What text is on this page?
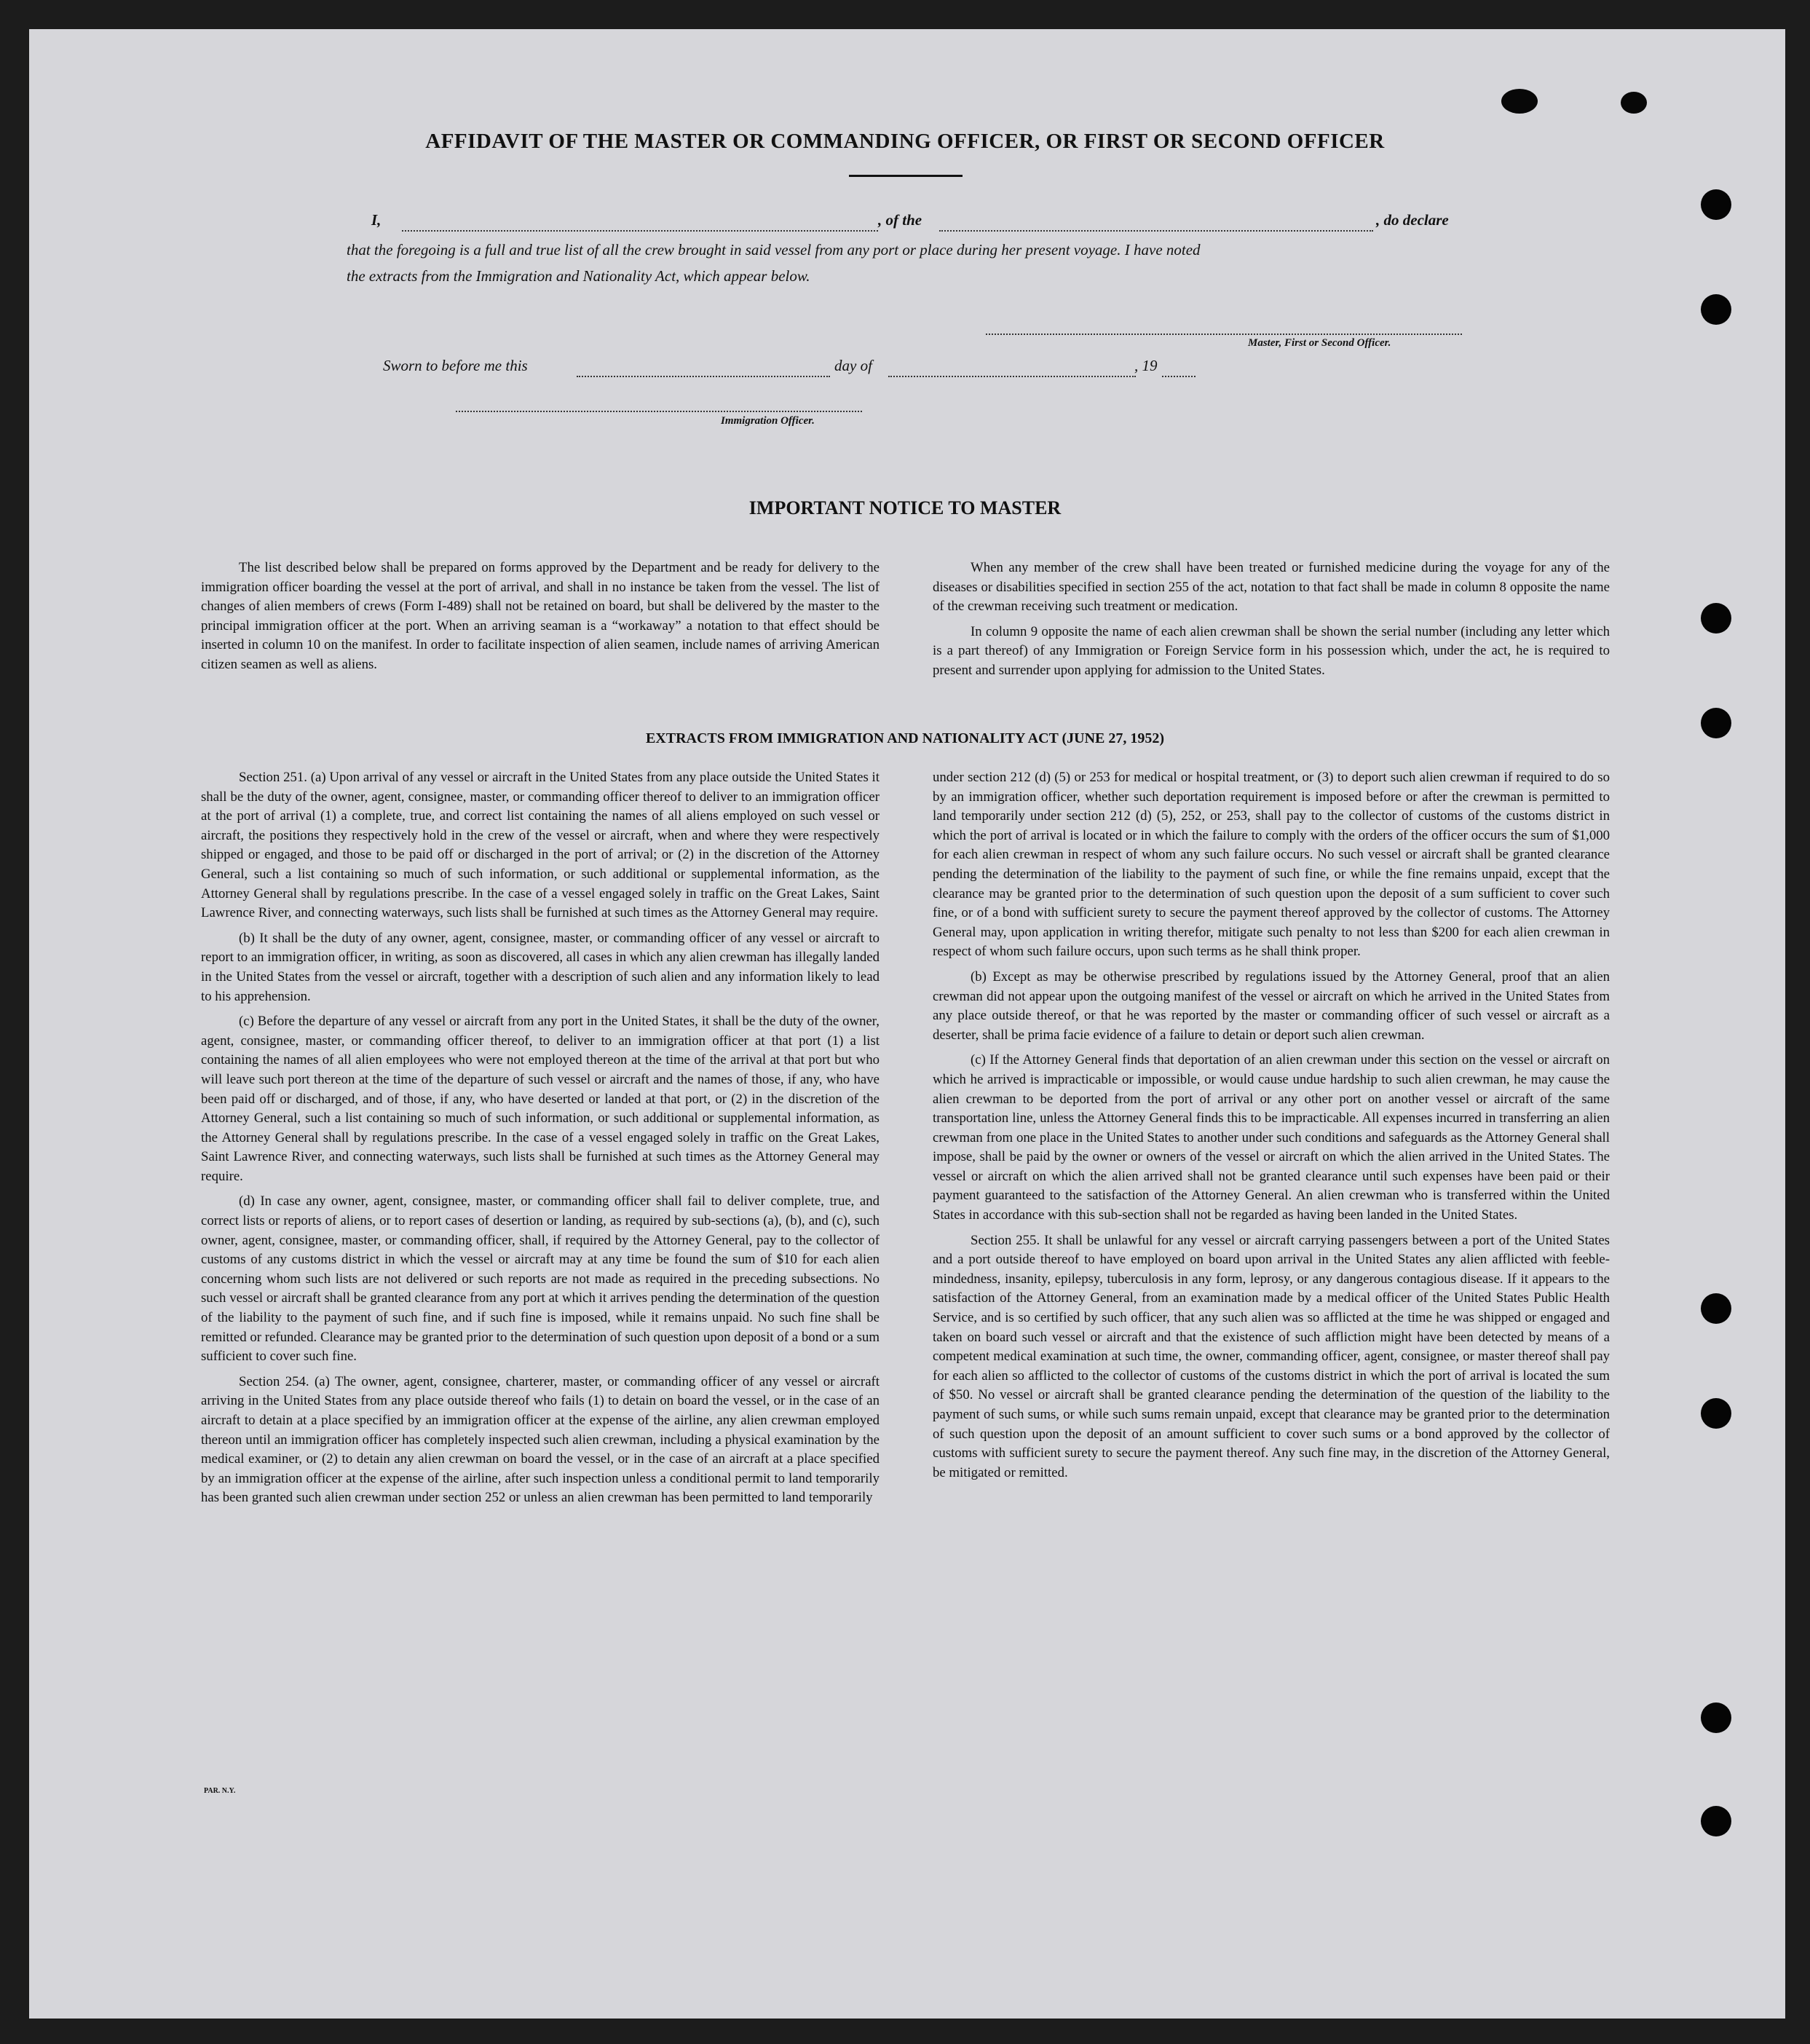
AFFIDAVIT OF THE MASTER OR COMMANDING OFFICER, OR FIRST OR SECOND OFFICER
I,	, of the	, do declare
that the foregoing is a full and true list of all the crew brought in said vessel from any port or place during her present voyage. I have noted
the extracts from the Immigration and Nationality Act, which appear below.
Master, First or Second Officer.
Sworn to before me this	day of	, 19
Immigration Officer.
IMPORTANT NOTICE TO MASTER

The list described below shall be prepared on forms approved by the Department and be ready for delivery to the immigration officer boarding the vessel at the port of arrival, and shall in no instance be taken from the vessel. The list of changes of alien members of crews (Form I-489) shall not be retained on board, but shall be delivered by the master to the principal immigration officer at the port. When an arriving seaman is a “workaway” a notation to that effect should be inserted in column 10 on the manifest. In order to facilitate inspection of alien seamen, include names of arriving American citizen seamen as well as aliens.

When any member of the crew shall have been treated or furnished medicine during the voyage for any of the diseases or disabilities specified in section 255 of the act, notation to that fact shall be made in column 8 opposite the name of the crewman receiving such treatment or medication.

In column 9 opposite the name of each alien crewman shall be shown the serial number (including any letter which is a part thereof) of any Immigration or Foreign Service form in his possession which, under the act, he is required to present and surrender upon applying for admission to the United States.

EXTRACTS FROM IMMIGRATION AND NATIONALITY ACT (JUNE 27, 1952)

Section 251. (a) Upon arrival of any vessel or aircraft in the United States from any place outside the United States it shall be the duty of the owner, agent, consignee, master, or commanding officer thereof to deliver to an immigration officer at the port of arrival (1) a complete, true, and correct list containing the names of all aliens employed on such vessel or aircraft, the positions they respectively hold in the crew of the vessel or aircraft, when and where they were respectively shipped or engaged, and those to be paid off or discharged in the port of arrival; or (2) in the discretion of the Attorney General, such a list containing so much of such information, or such additional or supplemental information, as the Attorney General shall by regulations prescribe. In the case of a vessel engaged solely in traffic on the Great Lakes, Saint Lawrence River, and connecting waterways, such lists shall be furnished at such times as the Attorney General may require.

(b) It shall be the duty of any owner, agent, consignee, master, or commanding officer of any vessel or aircraft to report to an immigration officer, in writing, as soon as discovered, all cases in which any alien crewman has illegally landed in the United States from the vessel or aircraft, together with a description of such alien and any information likely to lead to his apprehension.

(c) Before the departure of any vessel or aircraft from any port in the United States, it shall be the duty of the owner, agent, consignee, master, or commanding officer thereof, to deliver to an immigration officer at that port (1) a list containing the names of all alien employees who were not employed thereon at the time of the arrival at that port but who will leave such port thereon at the time of the departure of such vessel or aircraft and the names of those, if any, who have been paid off or discharged, and of those, if any, who have deserted or landed at that port, or (2) in the discretion of the Attorney General, such a list containing so much of such information, or such additional or supplemental information, as the Attorney General shall by regulations prescribe. In the case of a vessel engaged solely in traffic on the Great Lakes, Saint Lawrence River, and connecting waterways, such lists shall be furnished at such times as the Attorney General may require.

(d) In case any owner, agent, consignee, master, or commanding officer shall fail to deliver complete, true, and correct lists or reports of aliens, or to report cases of desertion or landing, as required by sub-sections (a), (b), and (c), such owner, agent, consignee, master, or commanding officer, shall, if required by the Attorney General, pay to the collector of customs of any customs district in which the vessel or aircraft may at any time be found the sum of $10 for each alien concerning whom such lists are not delivered or such reports are not made as required in the preceding subsections. No such vessel or aircraft shall be granted clearance from any port at which it arrives pending the determination of the question of the liability to the payment of such fine, and if such fine is imposed, while it remains unpaid. No such fine shall be remitted or refunded. Clearance may be granted prior to the determination of such question upon deposit of a bond or a sum sufficient to cover such fine.

Section 254. (a) The owner, agent, consignee, charterer, master, or commanding officer of any vessel or aircraft arriving in the United States from any place outside thereof who fails (1) to detain on board the vessel, or in the case of an aircraft to detain at a place specified by an immigration officer at the expense of the airline, any alien crewman employed thereon until an immigration officer has completely inspected such alien crewman, including a physical examination by the medical examiner, or (2) to detain any alien crewman on board the vessel, or in the case of an aircraft at a place specified by an immigration officer at the expense of the airline, after such inspection unless a conditional permit to land temporarily has been granted such alien crewman under section 252 or unless an alien crewman has been permitted to land temporarily

under section 212 (d) (5) or 253 for medical or hospital treatment, or (3) to deport such alien crewman if required to do so by an immigration officer, whether such deportation requirement is imposed before or after the crewman is permitted to land temporarily under section 212 (d) (5), 252, or 253, shall pay to the collector of customs of the customs district in which the port of arrival is located or in which the failure to comply with the orders of the officer occurs the sum of $1,000 for each alien crewman in respect of whom any such failure occurs. No such vessel or aircraft shall be granted clearance pending the determination of the liability to the payment of such fine, or while the fine remains unpaid, except that the clearance may be granted prior to the determination of such question upon the deposit of a sum sufficient to cover such fine, or of a bond with sufficient surety to secure the payment thereof approved by the collector of customs. The Attorney General may, upon application in writing therefor, mitigate such penalty to not less than $200 for each alien crewman in respect of whom such failure occurs, upon such terms as he shall think proper.

(b) Except as may be otherwise prescribed by regulations issued by the Attorney General, proof that an alien crewman did not appear upon the outgoing manifest of the vessel or aircraft on which he arrived in the United States from any place outside thereof, or that he was reported by the master or commanding officer of such vessel or aircraft as a deserter, shall be prima facie evidence of a failure to detain or deport such alien crewman.

(c) If the Attorney General finds that deportation of an alien crewman under this section on the vessel or aircraft on which he arrived is impracticable or impossible, or would cause undue hardship to such alien crewman, he may cause the alien crewman to be deported from the port of arrival or any other port on another vessel or aircraft of the same transportation line, unless the Attorney General finds this to be impracticable. All expenses incurred in transferring an alien crewman from one place in the United States to another under such conditions and safeguards as the Attorney General shall impose, shall be paid by the owner or owners of the vessel or aircraft on which the alien arrived in the United States. The vessel or aircraft on which the alien arrived shall not be granted clearance until such expenses have been paid or their payment guaranteed to the satisfaction of the Attorney General. An alien crewman who is transferred within the United States in accordance with this sub-section shall not be regarded as having been landed in the United States.

Section 255. It shall be unlawful for any vessel or aircraft carrying passengers between a port of the United States and a port outside thereof to have employed on board upon arrival in the United States any alien afflicted with feeble-mindedness, insanity, epilepsy, tuberculosis in any form, leprosy, or any dangerous contagious disease. If it appears to the satisfaction of the Attorney General, from an examination made by a medical officer of the United States Public Health Service, and is so certified by such officer, that any such alien was so afflicted at the time he was shipped or engaged and taken on board such vessel or aircraft and that the existence of such affliction might have been detected by means of a competent medical examination at such time, the owner, commanding officer, agent, consignee, or master thereof shall pay for each alien so afflicted to the collector of customs of the customs district in which the port of arrival is located the sum of $50. No vessel or aircraft shall be granted clearance pending the determination of the question of the liability to the payment of such sums, or while such sums remain unpaid, except that clearance may be granted prior to the determination of such question upon the deposit of an amount sufficient to cover such sums or a bond approved by the collector of customs with sufficient surety to secure the payment thereof. Any such fine may, in the discretion of the Attorney General, be mitigated or remitted.

PAR. N.Y.
